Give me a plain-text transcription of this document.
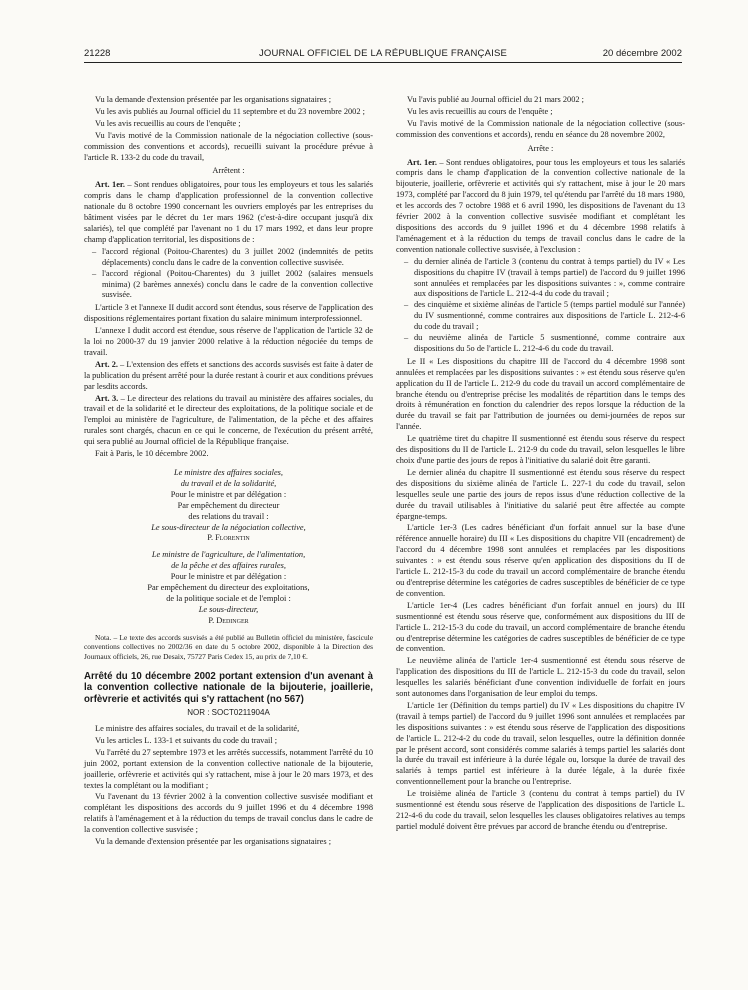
21228	JOURNAL OFFICIEL DE LA RÉPUBLIQUE FRANÇAISE	20 décembre 2002

Vu la demande d'extension présentée par les organisations signataires ;

Vu les avis publiés au Journal officiel du 11 septembre et du 23 novembre 2002 ;

Vu les avis recueillis au cours de l'enquête ;

Vu l'avis motivé de la Commission nationale de la négociation collective (sous-commission des conventions et accords), recueilli suivant la procédure prévue à l'article R. 133-2 du code du travail,

Arrêtent :

Art. 1er. – Sont rendues obligatoires, pour tous les employeurs et tous les salariés compris dans le champ d'application professionnel de la convention collective nationale du 8 octobre 1990 concernant les ouvriers employés par les entreprises du bâtiment visées par le décret du 1er mars 1962 (c'est-à-dire occupant jusqu'à dix salariés), tel que complété par l'avenant no 1 du 17 mars 1992, et dans leur propre champ d'application territorial, les dispositions de :

– l'accord régional (Poitou-Charentes) du 3 juillet 2002 (indemnités de petits déplacements) conclu dans le cadre de la convention collective susvisée.
– l'accord régional (Poitou-Charentes) du 3 juillet 2002 (salaires mensuels minima) (2 barèmes annexés) conclu dans le cadre de la convention collective susvisée.

L'article 3 et l'annexe II dudit accord sont étendus, sous réserve de l'application des dispositions réglementaires portant fixation du salaire minimum interprofessionnel.

L'annexe I dudit accord est étendue, sous réserve de l'application de l'article 32 de la loi no 2000-37 du 19 janvier 2000 relative à la réduction négociée du temps de travail.

Art. 2. – L'extension des effets et sanctions des accords susvisés est faite à dater de la publication du présent arrêté pour la durée restant à courir et aux conditions prévues par lesdits accords.

Art. 3. – Le directeur des relations du travail au ministère des affaires sociales, du travail et de la solidarité et le directeur des exploitations, de la politique sociale et de l'emploi au ministère de l'agriculture, de l'alimentation, de la pêche et des affaires rurales sont chargés, chacun en ce qui le concerne, de l'exécution du présent arrêté, qui sera publié au Journal officiel de la République française.

Fait à Paris, le 10 décembre 2002.

Le ministre des affaires sociales,

du travail et de la solidarité,

Pour le ministre et par délégation :

Par empêchement du directeur

des relations du travail :

Le sous-directeur de la négociation collective,

P. Florentin

Le ministre de l'agriculture, de l'alimentation,

de la pêche et des affaires rurales,

Pour le ministre et par délégation :

Par empêchement du directeur des exploitations,

de la politique sociale et de l'emploi :

Le sous-directeur,

P. Dedinger

Nota. – Le texte des accords susvisés a été publié au Bulletin officiel du ministère, fascicule conventions collectives no 2002/36 en date du 5 octobre 2002, disponible à la Direction des Journaux officiels, 26, rue Desaix, 75727 Paris Cedex 15, au prix de 7,10 €.

Arrêté du 10 décembre 2002 portant extension d'un avenant à la convention collective nationale de la bijouterie, joaillerie, orfèvrerie et activités qui s'y rattachent (no 567)

NOR : SOCT0211904A

Le ministre des affaires sociales, du travail et de la solidarité,

Vu les articles L. 133-1 et suivants du code du travail ;

Vu l'arrêté du 27 septembre 1973 et les arrêtés successifs, notamment l'arrêté du 10 juin 2002, portant extension de la convention collective nationale de la bijouterie, joaillerie, orfèvrerie et activités qui s'y rattachent, mise à jour le 20 mars 1973, et des textes la complétant ou la modifiant ;

Vu l'avenant du 13 février 2002 à la convention collective susvisée modifiant et complétant les dispositions des accords du 9 juillet 1996 et du 4 décembre 1998 relatifs à l'aménagement et à la réduction du temps de travail conclus dans le cadre de la convention collective susvisée ;

Vu la demande d'extension présentée par les organisations signataires ;

Vu l'avis publié au Journal officiel du 21 mars 2002 ;

Vu les avis recueillis au cours de l'enquête ;

Vu l'avis motivé de la Commission nationale de la négociation collective (sous-commission des conventions et accords), rendu en séance du 28 novembre 2002,

Arrête :

Art. 1er. – Sont rendues obligatoires, pour tous les employeurs et tous les salariés compris dans le champ d'application de la convention collective nationale de la bijouterie, joaillerie, orfèvrerie et activités qui s'y rattachent, mise à jour le 20 mars 1973, complété par l'accord du 8 juin 1979, tel qu'étendu par l'arrêté du 18 mars 1980, et les accords des 7 octobre 1988 et 6 avril 1990, les dispositions de l'avenant du 13 février 2002 à la convention collective susvisée modifiant et complétant les dispositions des accords du 9 juillet 1996 et du 4 décembre 1998 relatifs à l'aménagement et à la réduction du temps de travail conclus dans le cadre de la convention nationale collective susvisée, à l'exclusion :

– du dernier alinéa de l'article 3 (contenu du contrat à temps partiel) du IV « Les dispositions du chapitre IV (travail à temps partiel) de l'accord du 9 juillet 1996 sont annulées et remplacées par les dispositions suivantes : », comme contraire aux dispositions de l'article L. 212-4-4 du code du travail ;
– des cinquième et sixième alinéas de l'article 5 (temps partiel modulé sur l'année) du IV susmentionné, comme contraires aux dispositions de l'article L. 212-4-6 du code du travail ;
– du neuvième alinéa de l'article 5 susmentionné, comme contraire aux dispositions du 5o de l'article L. 212-4-6 du code du travail.

Le II « Les dispositions du chapitre III de l'accord du 4 décembre 1998 sont annulées et remplacées par les dispositions suivantes : » est étendu sous réserve qu'en application du II de l'article L. 212-9 du code du travail un accord complémentaire de branche étendu ou d'entreprise précise les modalités de répartition dans le temps des droits à rémunération en fonction du calendrier des repos lorsque la réduction de la durée du travail se fait par l'attribution de journées ou demi-journées de repos sur l'année.

Le quatrième tiret du chapitre II susmentionné est étendu sous réserve du respect des dispositions du II de l'article L. 212-9 du code du travail, selon lesquelles le libre choix d'une partie des jours de repos à l'initiative du salarié doit être garanti.

Le dernier alinéa du chapitre II susmentionné est étendu sous réserve du respect des dispositions du sixième alinéa de l'article L. 227-1 du code du travail, selon lesquelles seule une partie des jours de repos issus d'une réduction collective de la durée du travail utilisables à l'initiative du salarié peut être affectée au compte épargne-temps.

L'article 1er-3 (Les cadres bénéficiant d'un forfait annuel sur la base d'une référence annuelle horaire) du III « Les dispositions du chapitre VII (encadrement) de l'accord du 4 décembre 1998 sont annulées et remplacées par les dispositions suivantes : » est étendu sous réserve qu'en application des dispositions du II de l'article L. 212-15-3 du code du travail un accord complémentaire de branche étendu ou d'entreprise détermine les catégories de cadres susceptibles de bénéficier de ce type de convention.

L'article 1er-4 (Les cadres bénéficiant d'un forfait annuel en jours) du III susmentionné est étendu sous réserve que, conformément aux dispositions du III de l'article L. 212-15-3 du code du travail, un accord complémentaire de branche étendu ou d'entreprise détermine les catégories de cadres susceptibles de bénéficier de ce type de convention.

Le neuvième alinéa de l'article 1er-4 susmentionné est étendu sous réserve de l'application des dispositions du III de l'article L. 212-15-3 du code du travail, selon lesquelles les salariés bénéficiant d'une convention individuelle de forfait en jours sont autonomes dans l'organisation de leur emploi du temps.

L'article 1er (Définition du temps partiel) du IV « Les dispositions du chapitre IV (travail à temps partiel) de l'accord du 9 juillet 1996 sont annulées et remplacées par les dispositions suivantes : » est étendu sous réserve de l'application des dispositions de l'article L. 212-4-2 du code du travail, selon lesquelles, outre la définition donnée par le présent accord, sont considérés comme salariés à temps partiel les salariés dont la durée du travail est inférieure à la durée légale ou, lorsque la durée de travail des salariés à temps partiel est inférieure à la durée légale, à la durée fixée conventionnellement pour la branche ou l'entreprise.

Le troisième alinéa de l'article 3 (contenu du contrat à temps partiel) du IV susmentionné est étendu sous réserve de l'application des dispositions de l'article L. 212-4-6 du code du travail, selon lesquelles les clauses obligatoires relatives au temps partiel modulé doivent être prévues par accord de branche étendu ou d'entreprise.
